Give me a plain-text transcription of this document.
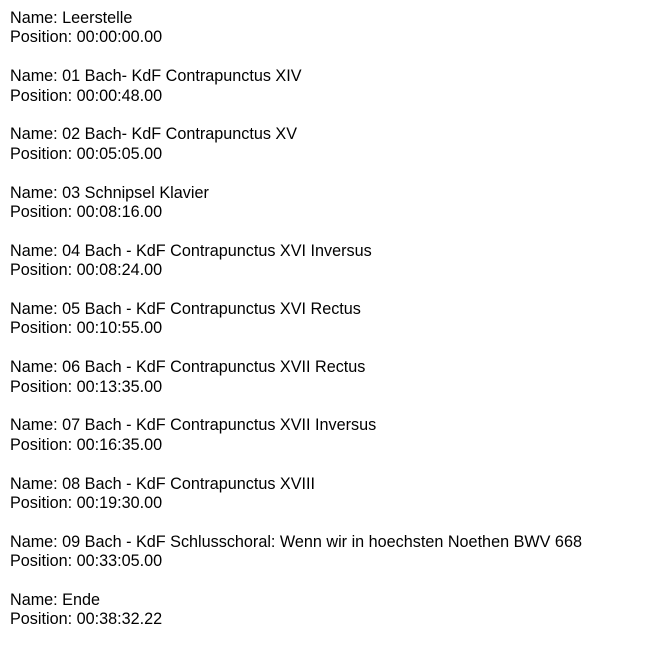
Name: Leerstelle
Position: 00:00:00.00
Name: 01 Bach- KdF Contrapunctus XIV
Position: 00:00:48.00
Name: 02 Bach- KdF Contrapunctus XV
Position: 00:05:05.00
Name: 03 Schnipsel Klavier
Position: 00:08:16.00
Name: 04 Bach - KdF Contrapunctus XVI Inversus
Position: 00:08:24.00
Name: 05 Bach - KdF Contrapunctus XVI Rectus
Position: 00:10:55.00
Name: 06 Bach - KdF Contrapunctus XVII Rectus
Position: 00:13:35.00
Name: 07 Bach - KdF Contrapunctus XVII Inversus
Position: 00:16:35.00
Name: 08 Bach - KdF Contrapunctus XVIII
Position: 00:19:30.00
Name: 09 Bach - KdF Schlusschoral: Wenn wir in hoechsten Noethen BWV 668
Position: 00:33:05.00
Name: Ende
Position: 00:38:32.22
